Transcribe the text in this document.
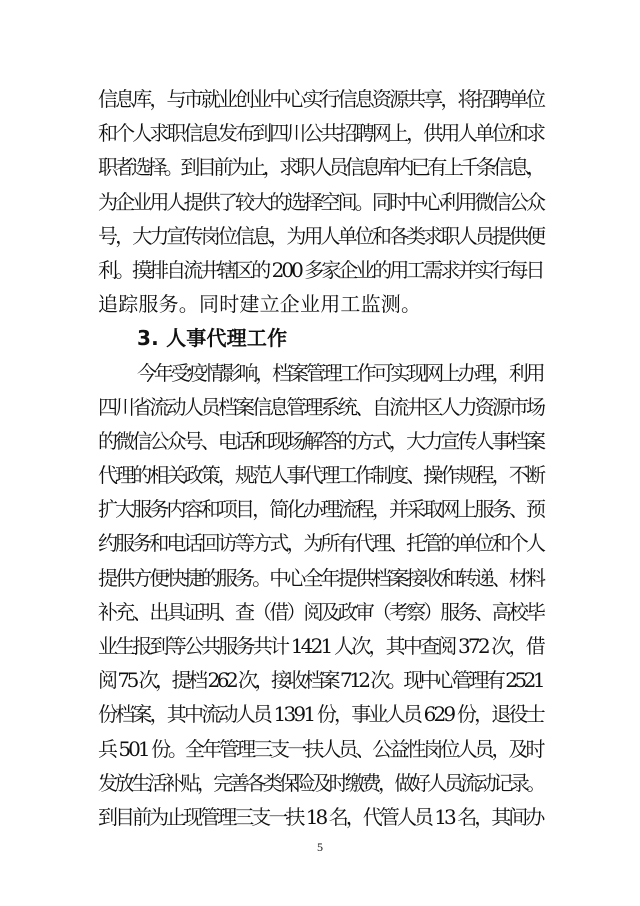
信息库，与市就业创业中心实行信息资源共享，将招聘单位
和个人求职信息发布到四川公共招聘网上，供用人单位和求
职者选择。到目前为止，求职人员信息库内已有上千条信息，
为企业用人提供了较大的选择空间。同时中心利用微信公众
号，大力宣传岗位信息，为用人单位和各类求职人员提供便
利。摸排自流井辖区的 200 多家企业的用工需求并实行每日
追踪服务。同时建立企业用工监测。
3. 人事代理工作
今年受疫情影响，档案管理工作可实现网上办理，利用
四川省流动人员档案信息管理系统、自流井区人力资源市场
的微信公众号、电话和现场解答的方式，大力宣传人事档案
代理的相关政策，规范人事代理工作制度、操作规程，不断
扩大服务内容和项目，简化办理流程，并采取网上服务、预
约服务和电话回访等方式，为所有代理、托管的单位和个人
提供方便快捷的服务。中心全年提供档案接收和转递、材料
补充、出具证明、查（借）阅及政审（考察）服务、高校毕
业生报到等公共服务共计 1421 人次，其中查阅 372 次，借
阅 75 次，提档 262 次，接收档案 712 次。现中心管理有 2521
份档案，其中流动人员 1391 份，事业人员 629 份，退役士
兵 501 份。全年管理三支一扶人员、公益性岗位人员，及时
5
发放生活补贴，完善各类保险及时缴费，做好人员流动记录。
到目前为止现管理三支一扶 18 名，代管人员 13 名，其间办
